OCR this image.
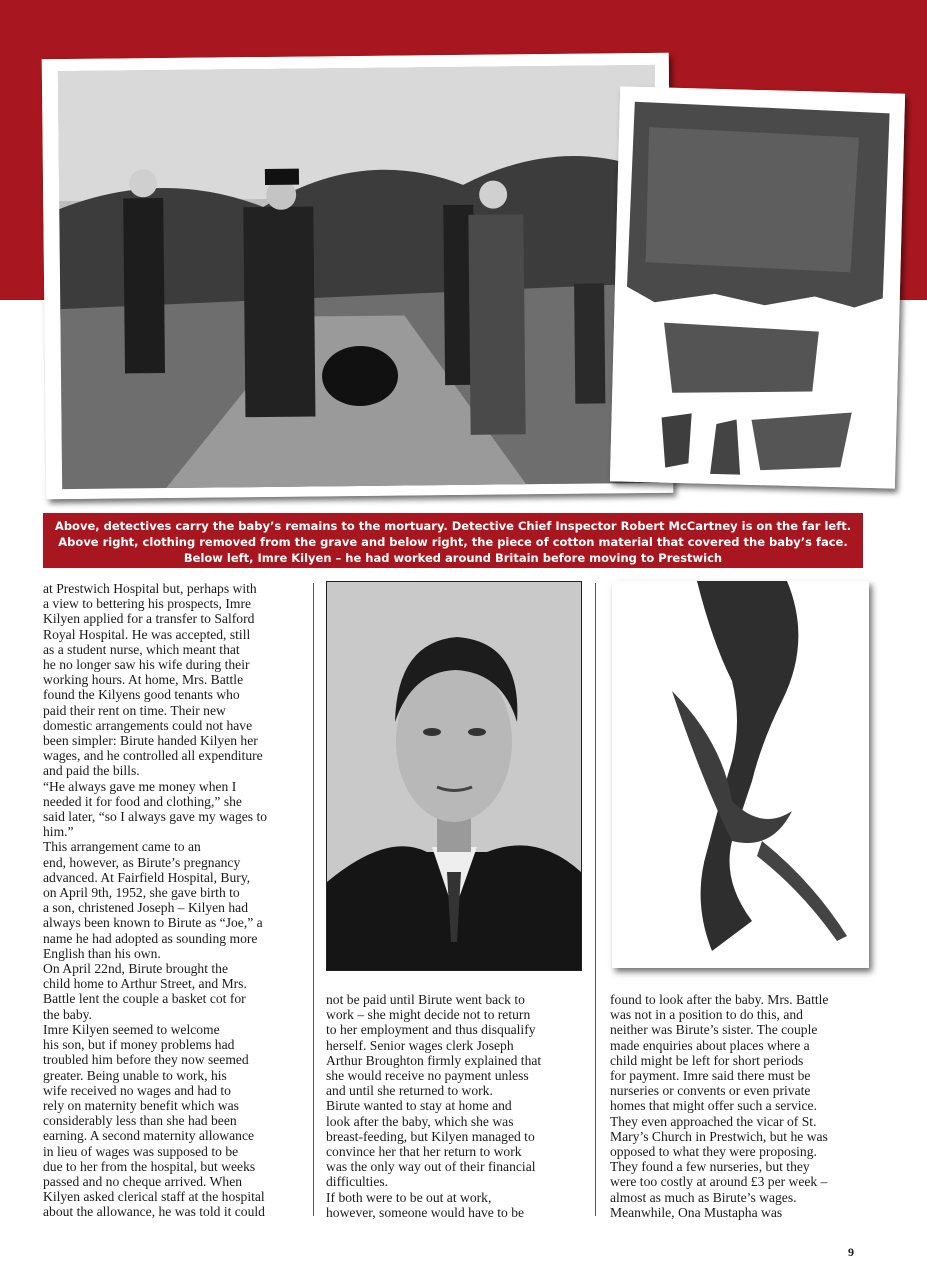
Above, detectives carry the baby’s remains to the mortuary. Detective Chief Inspector Robert McCartney is on the far left. Above right, clothing removed from the grave and below right, the piece of cotton material that covered the baby’s face. Below left, Imre Kilyen – he had worked around Britain before moving to Prestwich

at Prestwich Hospital but, perhaps with
a view to bettering his prospects, Imre
Kilyen applied for a transfer to Salford
Royal Hospital. He was accepted, still
as a student nurse, which meant that
he no longer saw his wife during their
working hours. At home, Mrs. Battle
found the Kilyens good tenants who
paid their rent on time. Their new
domestic arrangements could not have
been simpler: Birute handed Kilyen her
wages, and he controlled all expenditure
and paid the bills.
“He always gave me money when I
needed it for food and clothing,” she
said later, “so I always gave my wages to
him.”
This arrangement came to an
end, however, as Birute’s pregnancy
advanced. At Fairfield Hospital, Bury,
on April 9th, 1952, she gave birth to
a son, christened Joseph – Kilyen had
always been known to Birute as “Joe,” a
name he had adopted as sounding more
English than his own.
On April 22nd, Birute brought the
child home to Arthur Street, and Mrs.
Battle lent the couple a basket cot for
the baby.
Imre Kilyen seemed to welcome
his son, but if money problems had
troubled him before they now seemed
greater. Being unable to work, his
wife received no wages and had to
rely on maternity benefit which was
considerably less than she had been
earning. A second maternity allowance
in lieu of wages was supposed to be
due to her from the hospital, but weeks
passed and no cheque arrived. When
Kilyen asked clerical staff at the hospital
about the allowance, he was told it could

not be paid until Birute went back to
work – she might decide not to return
to her employment and thus disqualify
herself. Senior wages clerk Joseph
Arthur Broughton firmly explained that
she would receive no payment unless
and until she returned to work.
Birute wanted to stay at home and
look after the baby, which she was
breast-feeding, but Kilyen managed to
convince her that her return to work
was the only way out of their financial
difficulties.
If both were to be out at work,
however, someone would have to be

found to look after the baby. Mrs. Battle
was not in a position to do this, and
neither was Birute’s sister. The couple
made enquiries about places where a
child might be left for short periods
for payment. Imre said there must be
nurseries or convents or even private
homes that might offer such a service.
They even approached the vicar of St.
Mary’s Church in Prestwich, but he was
opposed to what they were proposing.
They found a few nurseries, but they
were too costly at around £3 per week –
almost as much as Birute’s wages.
Meanwhile, Ona Mustapha was

9
